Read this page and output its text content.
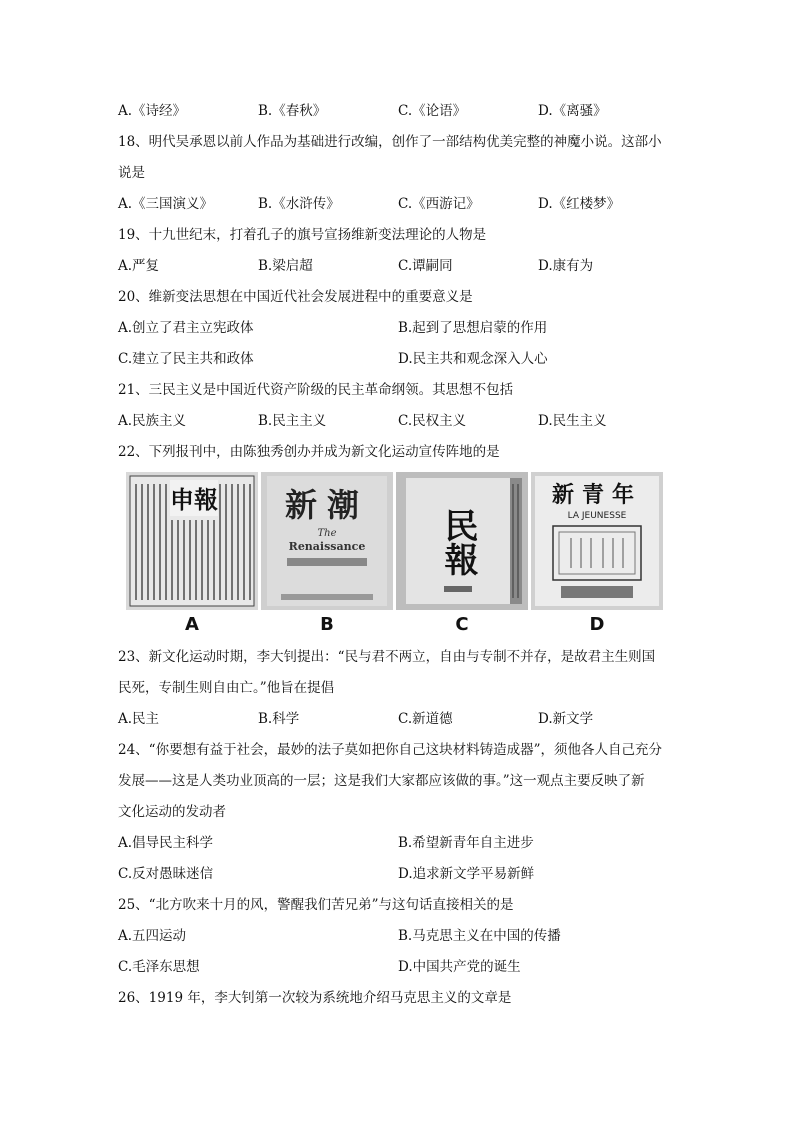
A.《诗经》	B.《春秋》	C.《论语》	D.《离骚》
18、明代吴承恩以前人作品为基础进行改编，创作了一部结构优美完整的神魔小说。这部小
说是
A.《三国演义》	B.《水浒传》	C.《西游记》	D.《红楼梦》
19、十九世纪末，打着孔子的旗号宣扬维新变法理论的人物是
A.严复	B.梁启超	C.谭嗣同	D.康有为
20、维新变法思想在中国近代社会发展进程中的重要意义是
A.创立了君主立宪政体	B.起到了思想启蒙的作用
C.建立了民主共和政体	D.民主共和观念深入人心
21、三民主义是中国近代资产阶级的民主革命纲领。其思想不包括
A.民族主义	B.民主主义	C.民权主义	D.民生主义
22、下列报刊中，由陈独秀创办并成为新文化运动宣传阵地的是
申報 新潮
The
Renaissance 民報
新青年
LA JEUNESSE
A	B	C	D
23、新文化运动时期，李大钊提出：“民与君不两立，自由与专制不并存，是故君主生则国
民死，专制生则自由亡。”他旨在提倡
A.民主	B.科学	C.新道德	D.新文学
24、“你要想有益于社会，最妙的法子莫如把你自己这块材料铸造成器”，须他各人自己充分
发展——这是人类功业顶高的一层；这是我们大家都应该做的事。”这一观点主要反映了新
文化运动的发动者
A.倡导民主科学	B.希望新青年自主进步
C.反对愚昧迷信	D.追求新文学平易新鲜
25、“北方吹来十月的风，警醒我们苦兄弟”与这句话直接相关的是
A.五四运动	B.马克思主义在中国的传播
C.毛泽东思想	D.中国共产党的诞生
26、1919 年，李大钊第一次较为系统地介绍马克思主义的文章是
